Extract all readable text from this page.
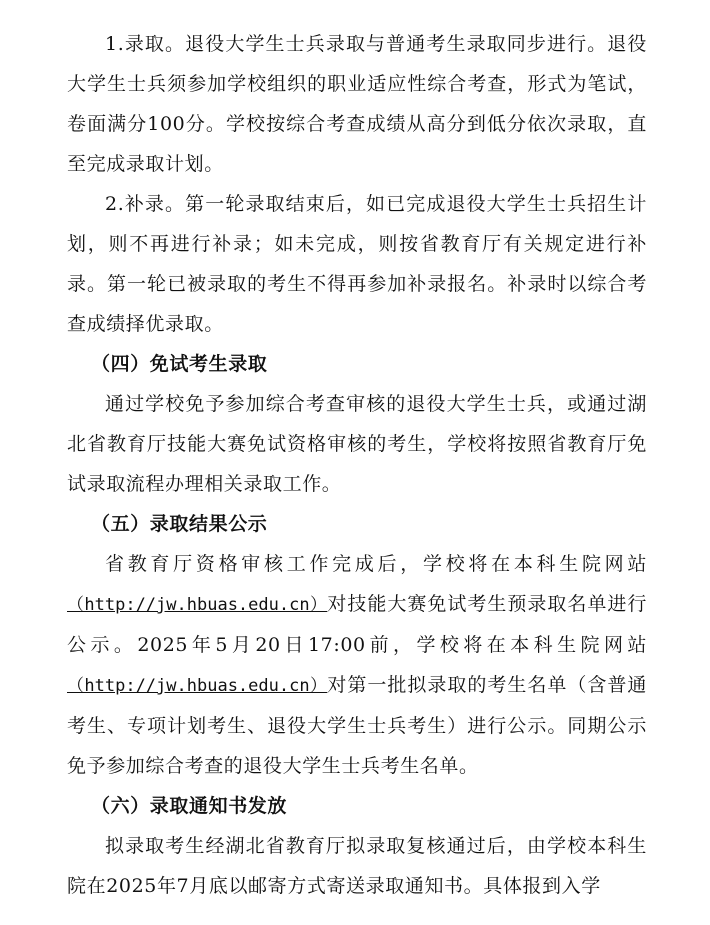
1.录取。退役大学生士兵录取与普通考生录取同步进行。退役大学生士兵须参加学校组织的职业适应性综合考查，形式为笔试，卷面满分100分。学校按综合考查成绩从高分到低分依次录取，直至完成录取计划。

2.补录。第一轮录取结束后，如已完成退役大学生士兵招生计划，则不再进行补录；如未完成，则按省教育厅有关规定进行补录。第一轮已被录取的考生不得再参加补录报名。补录时以综合考查成绩择优录取。

（四）免试考生录取

通过学校免予参加综合考查审核的退役大学生士兵，或通过湖北省教育厅技能大赛免试资格审核的考生，学校将按照省教育厅免试录取流程办理相关录取工作。

（五）录取结果公示

省教育厅资格审核工作完成后，学校将在本科生院网站（http://jw.hbuas.edu.cn）对技能大赛免试考生预录取名单进行公示。2025年5月20日17:00前，学校将在本科生院网站（http://jw.hbuas.edu.cn）对第一批拟录取的考生名单（含普通考生、专项计划考生、退役大学生士兵考生）进行公示。同期公示免予参加综合考查的退役大学生士兵考生名单。

（六）录取通知书发放

拟录取考生经湖北省教育厅拟录取复核通过后，由学校本科生院在2025年7月底以邮寄方式寄送录取通知书。具体报到入学
